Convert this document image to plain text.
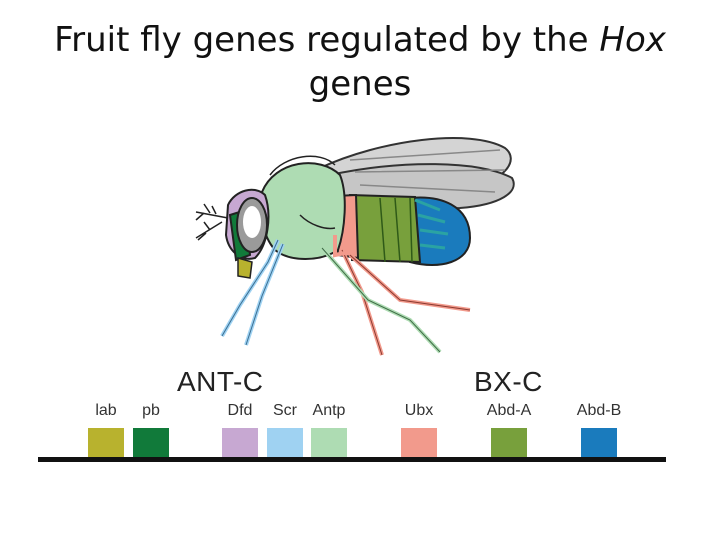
Fruit fly genes regulated by the Hox
genes
ANT-C	BX-C
lab	pb	Dfd	Scr Antp	Ubx	Abd-A	Abd-B
